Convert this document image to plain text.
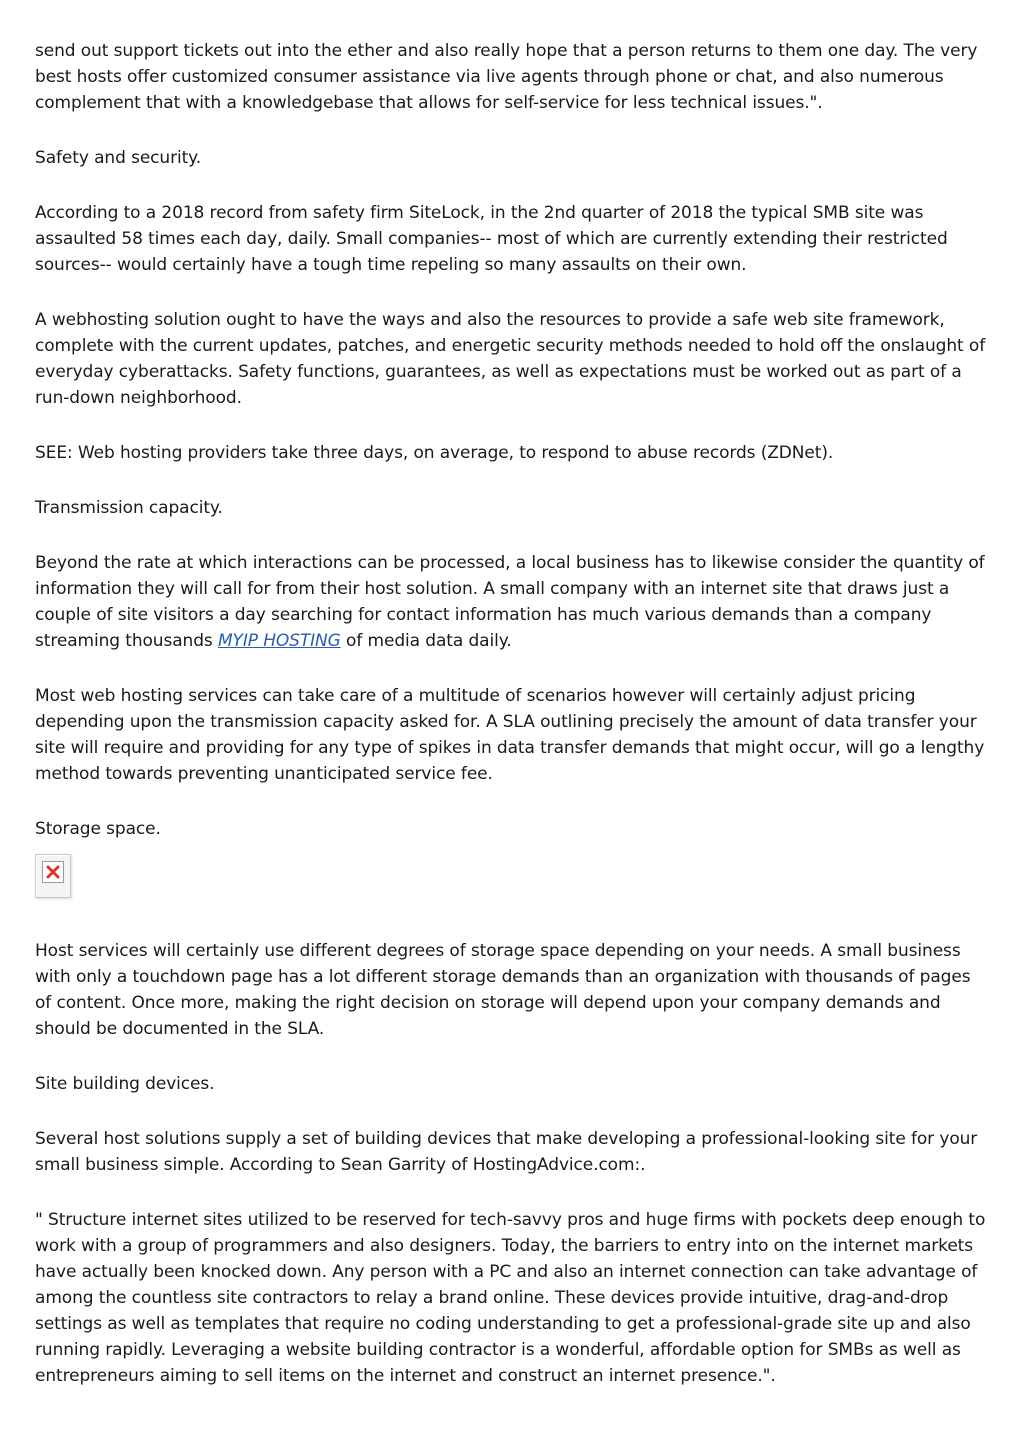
send out support tickets out into the ether and also really hope that a person returns to them one day. The very best hosts offer customized consumer assistance via live agents through phone or chat, and also numerous complement that with a knowledgebase that allows for self-service for less technical issues.".

Safety and security.

According to a 2018 record from safety firm SiteLock, in the 2nd quarter of 2018 the typical SMB site was assaulted 58 times each day, daily. Small companies-- most of which are currently extending their restricted sources-- would certainly have a tough time repeling so many assaults on their own.

A webhosting solution ought to have the ways and also the resources to provide a safe web site framework, complete with the current updates, patches, and energetic security methods needed to hold off the onslaught of everyday cyberattacks. Safety functions, guarantees, as well as expectations must be worked out as part of a run-down neighborhood.

SEE: Web hosting providers take three days, on average, to respond to abuse records (ZDNet).

Transmission capacity.

Beyond the rate at which interactions can be processed, a local business has to likewise consider the quantity of information they will call for from their host solution. A small company with an internet site that draws just a couple of site visitors a day searching for contact information has much various demands than a company streaming thousands MYIP HOSTING of media data daily.

Most web hosting services can take care of a multitude of scenarios however will certainly adjust pricing depending upon the transmission capacity asked for. A SLA outlining precisely the amount of data transfer your site will require and providing for any type of spikes in data transfer demands that might occur, will go a lengthy method towards preventing unanticipated service fee.

Storage space.

Host services will certainly use different degrees of storage space depending on your needs. A small business with only a touchdown page has a lot different storage demands than an organization with thousands of pages of content. Once more, making the right decision on storage will depend upon your company demands and should be documented in the SLA.

Site building devices.

Several host solutions supply a set of building devices that make developing a professional-looking site for your small business simple. According to Sean Garrity of HostingAdvice.com:.

" Structure internet sites utilized to be reserved for tech-savvy pros and huge firms with pockets deep enough to work with a group of programmers and also designers. Today, the barriers to entry into on the internet markets have actually been knocked down. Any person with a PC and also an internet connection can take advantage of among the countless site contractors to relay a brand online. These devices provide intuitive, drag-and-drop settings as well as templates that require no coding understanding to get a professional-grade site up and also running rapidly. Leveraging a website building contractor is a wonderful, affordable option for SMBs as well as entrepreneurs aiming to sell items on the internet and construct an internet presence.".
